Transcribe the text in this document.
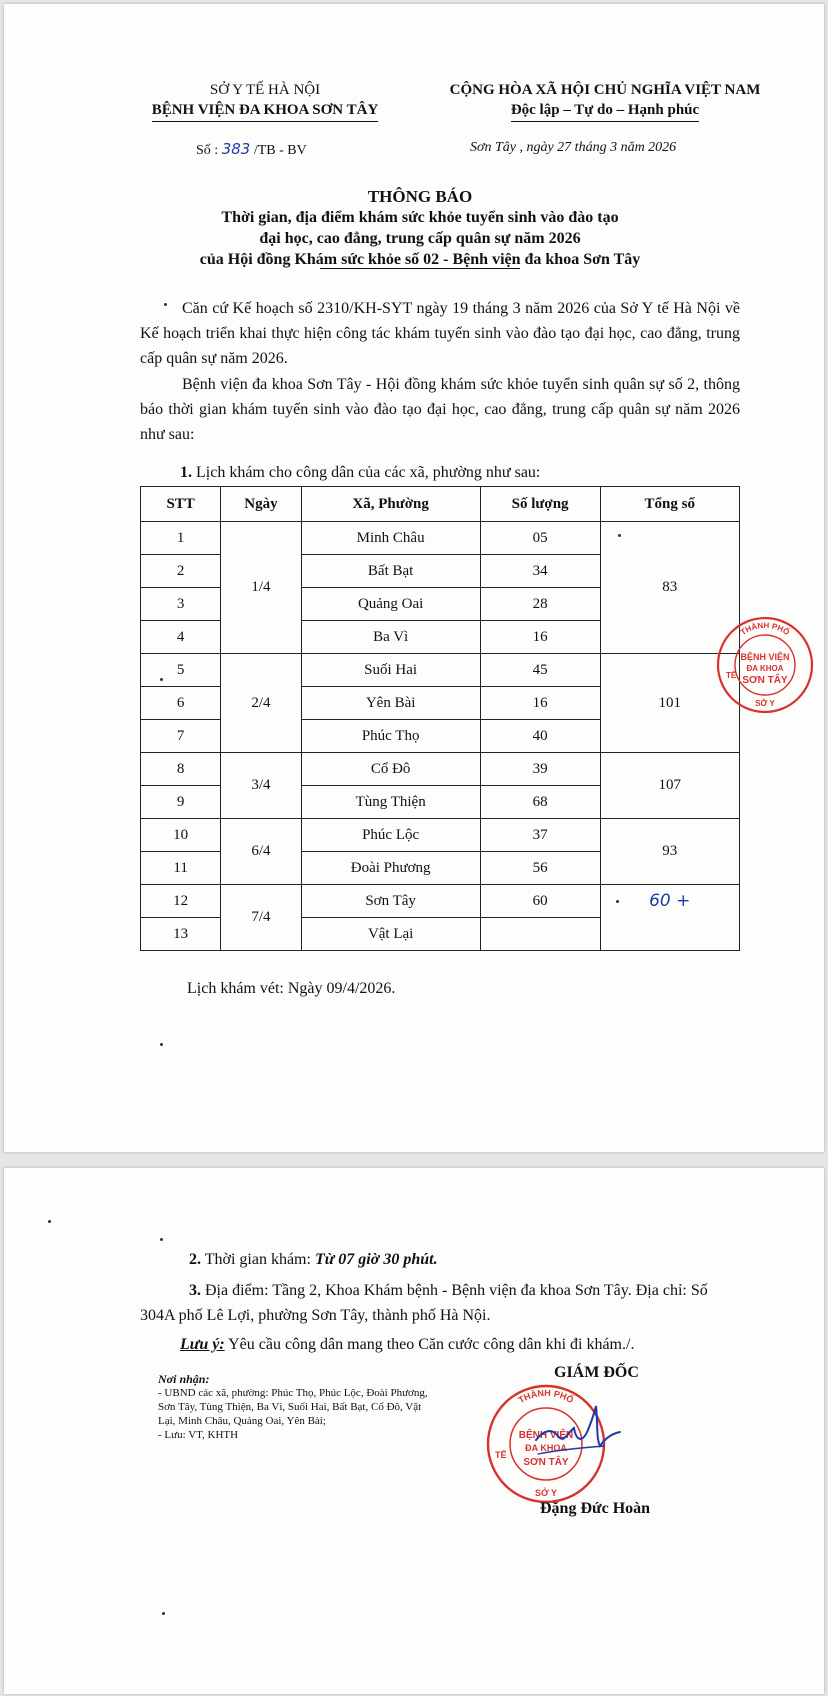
SỞ Y TẾ HÀ NỘI
BỆNH VIỆN ĐA KHOA SƠN TÂY
CỘNG HÒA XÃ HỘI CHỦ NGHĨA VIỆT NAM
Độc lập – Tự do – Hạnh phúc
Số : 383 /TB - BV	Sơn Tây , ngày 27 tháng 3 năm 2026
THÔNG BÁO
Thời gian, địa điểm khám sức khỏe tuyển sinh vào đào tạo
đại học, cao đẳng, trung cấp quân sự năm 2026
của Hội đồng Khám sức khỏe số 02 - Bệnh viện đa khoa Sơn Tây
Căn cứ Kế hoạch số 2310/KH-SYT ngày 19 tháng 3 năm 2026 của Sở Y tế Hà Nội về Kế hoạch triển khai thực hiện công tác khám tuyển sinh vào đào tạo đại học, cao đẳng, trung cấp quân sự năm 2026.
Bệnh viện đa khoa Sơn Tây - Hội đồng khám sức khỏe tuyển sinh quân sự số 2, thông báo thời gian khám tuyển sinh vào đào tạo đại học, cao đẳng, trung cấp quân sự năm 2026 như sau:
1. Lịch khám cho công dân của các xã, phường như sau:
STT	Ngày	Xã, Phường	Số lượng	Tổng số
1	1/4	Minh Châu	05	83
2		Bất Bạt	34	
3		Quảng Oai	28	
4		Ba Vì	16	
5	2/4	Suối Hai	45	101
6		Yên Bài	16	
7		Phúc Thọ	40	
8	3/4	Cổ Đô	39	107
9		Tùng Thiện	68	
10	6/4	Phúc Lộc	37	93
11		Đoài Phương	56	
12	7/4	Sơn Tây	60	60 +
13		Vật Lại		
Lịch khám vét: Ngày 09/4/2026.
THÀNH PHỐ
TẾ
SỞ Y
BỆNH VIỆN
ĐA KHOA
SƠN TÂY
2. Thời gian khám: Từ 07 giờ 30 phút.
3. Địa điểm: Tầng 2, Khoa Khám bệnh - Bệnh viện đa khoa Sơn Tây. Địa chỉ: Số 304A phố Lê Lợi, phường Sơn Tây, thành phố Hà Nội.
Lưu ý: Yêu cầu công dân mang theo Căn cước công dân khi đi khám./.
Nơi nhận:
- UBND các xã, phường: Phúc Thọ, Phúc Lộc, Đoài Phương, Sơn Tây, Tùng Thiện, Ba Vì, Suối Hai, Bất Bạt, Cổ Đô, Vật Lại, Minh Châu, Quảng Oai, Yên Bài;
- Lưu: VT, KHTH
GIÁM ĐỐC
THÀNH PHỐ
TẾ
SỞ Y
BỆNH VIỆN
ĐA KHOA
SƠN TÂY
Đặng Đức Hoàn
